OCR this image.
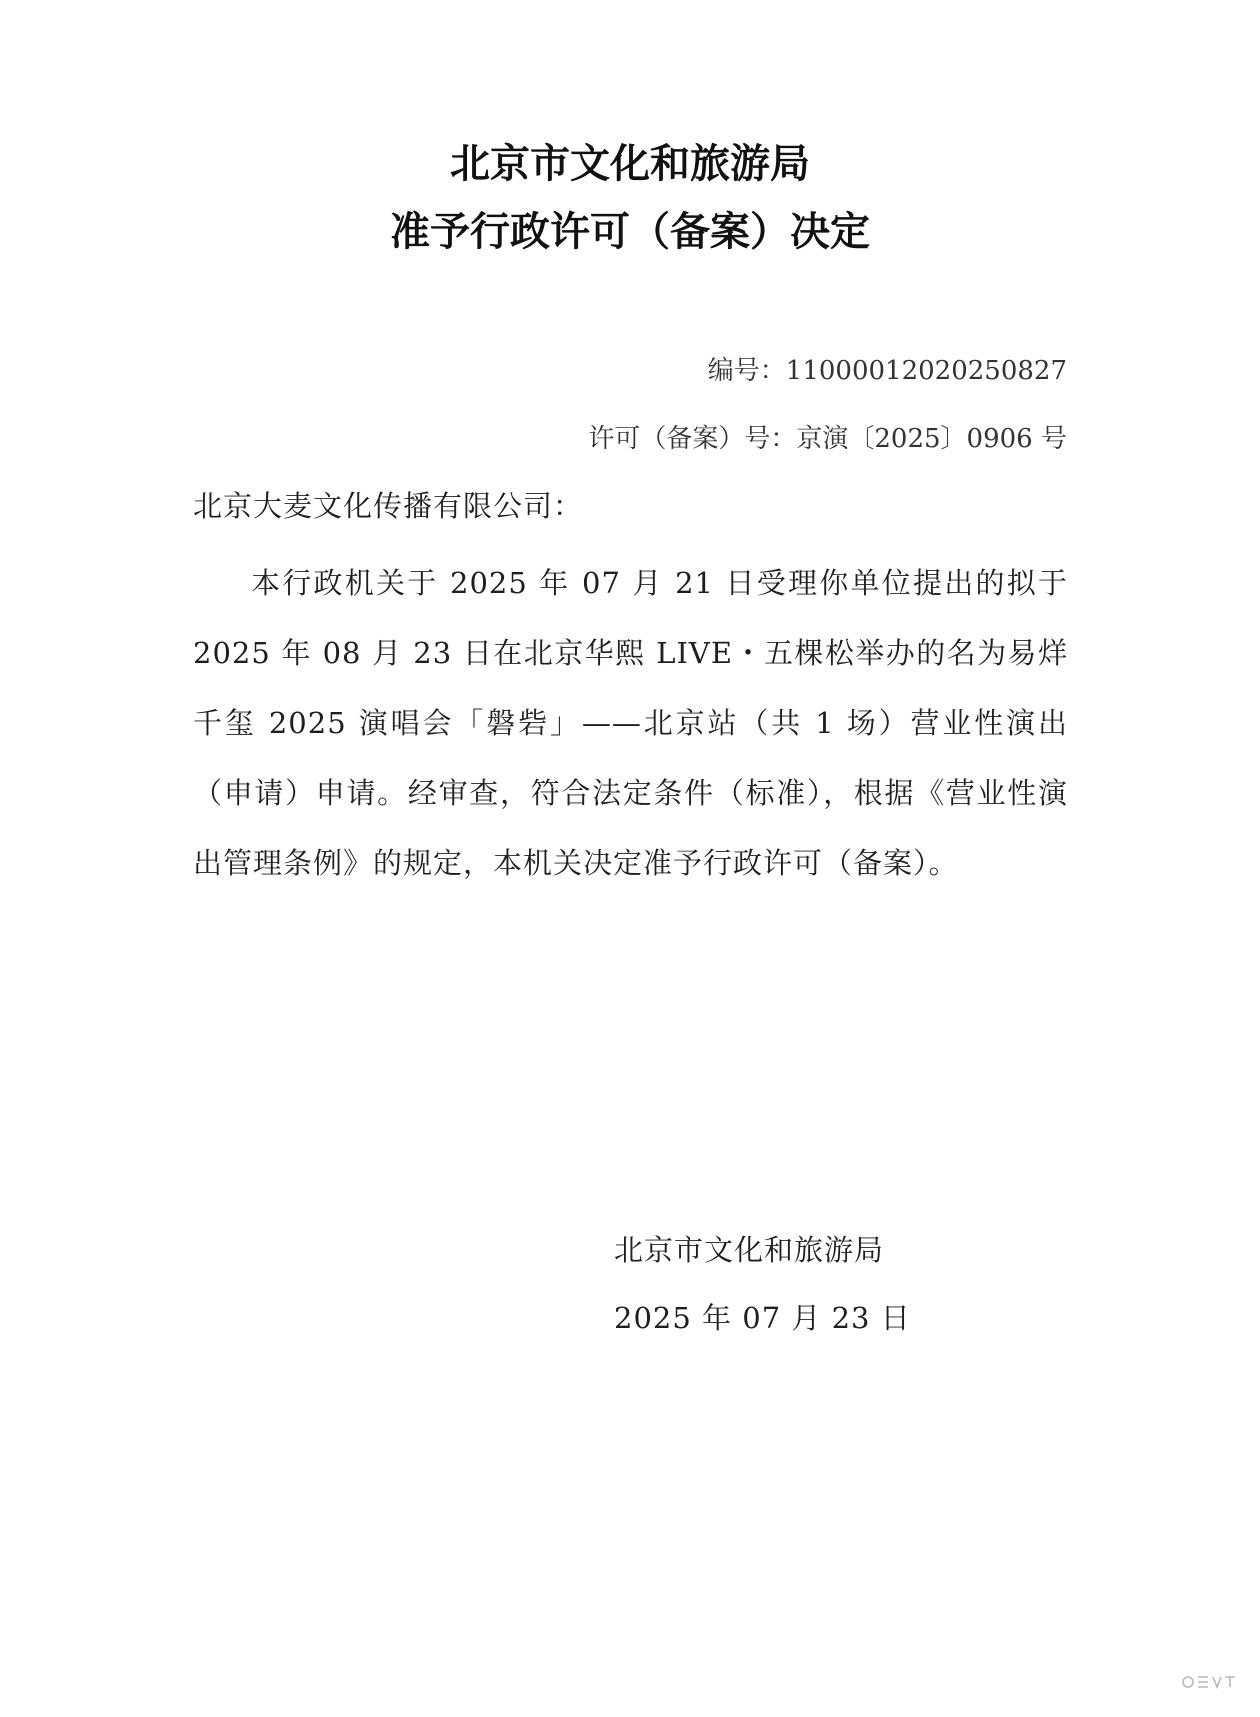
北京市文化和旅游局
准予行政许可（备案）决定
编号：11000012020250827
许可（备案）号：京演〔2025〕0906 号
北京大麦文化传播有限公司：

本行政机关于 2025 年 07 月 21 日受理你单位提出的拟于 2025 年 08 月 23 日在北京华熙 LIVE・五棵松举办的名为易烊千玺 2025 演唱会「磐砦」——北京站（共 1 场）营业性演出（申请）申请。经审查，符合法定条件（标准），根据《营业性演出管理条例》的规定，本机关决定准予行政许可（备案）。

北京市文化和旅游局
2025 年 07 月 23 日
